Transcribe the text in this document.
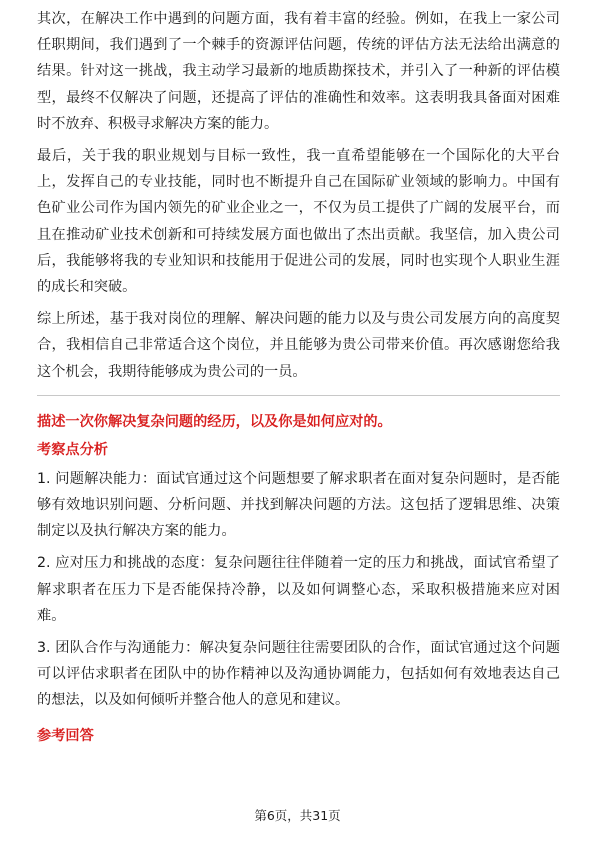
其次，在解决工作中遇到的问题方面，我有着丰富的经验。例如，在我上一家公司任职期间，我们遇到了一个棘手的资源评估问题，传统的评估方法无法给出满意的结果。针对这一挑战，我主动学习最新的地质勘探技术，并引入了一种新的评估模型，最终不仅解决了问题，还提高了评估的准确性和效率。这表明我具备面对困难时不放弃、积极寻求解决方案的能力。

最后，关于我的职业规划与目标一致性，我一直希望能够在一个国际化的大平台上，发挥自己的专业技能，同时也不断提升自己在国际矿业领域的影响力。中国有色矿业公司作为国内领先的矿业企业之一，不仅为员工提供了广阔的发展平台，而且在推动矿业技术创新和可持续发展方面也做出了杰出贡献。我坚信，加入贵公司后，我能够将我的专业知识和技能用于促进公司的发展，同时也实现个人职业生涯的成长和突破。

综上所述，基于我对岗位的理解、解决问题的能力以及与贵公司发展方向的高度契合，我相信自己非常适合这个岗位，并且能够为贵公司带来价值。再次感谢您给我这个机会，我期待能够成为贵公司的一员。

描述一次你解决复杂问题的经历，以及你是如何应对的。
考察点分析

1. 问题解决能力：面试官通过这个问题想要了解求职者在面对复杂问题时，是否能够有效地识别问题、分析问题、并找到解决问题的方法。这包括了逻辑思维、决策制定以及执行解决方案的能力。

2. 应对压力和挑战的态度：复杂问题往往伴随着一定的压力和挑战，面试官希望了解求职者在压力下是否能保持冷静，以及如何调整心态，采取积极措施来应对困难。

3. 团队合作与沟通能力：解决复杂问题往往需要团队的合作，面试官通过这个问题可以评估求职者在团队中的协作精神以及沟通协调能力，包括如何有效地表达自己的想法，以及如何倾听并整合他人的意见和建议。

参考回答
第6页，共31页
